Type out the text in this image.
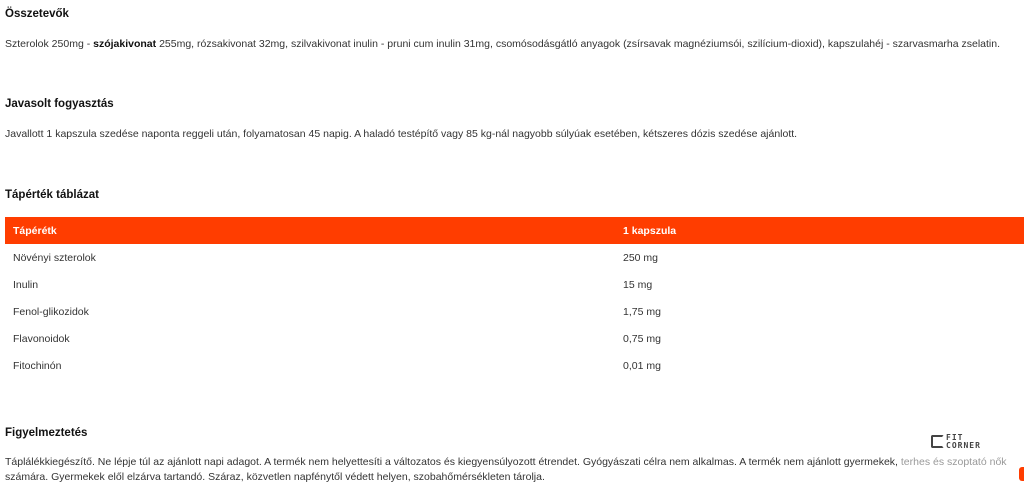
Összetevők
Szterolok 250mg - szójakivonat 255mg, rózsakivonat 32mg, szilvakivonat inulin - pruni cum inulin 31mg, csomósodásgátló anyagok (zsírsavak magnéziumsói, szilícium-dioxid), kapszulahéj - szarvasmarha zselatin.
Javasolt fogyasztás
Javallott 1 kapszula szedése naponta reggeli után, folyamatosan 45 napig. A haladó testépítő vagy 85 kg-nál nagyobb súlyúak esetében, kétszeres dózis szedése ajánlott.
Tápérték táblázat
Tápérétk	1 kapszula
Növényi szterolok	250 mg
Inulin	15 mg
Fenol-glikozidok	1,75 mg
Flavonoidok	0,75 mg
Fitochinón	0,01 mg
Figyelmeztetés
Táplálékkiegészítő. Ne lépje túl az ajánlott napi adagot. A termék nem helyettesíti a változatos és kiegyensúlyozott étrendet. Gyógyászati célra nem alkalmas. A termék nem ajánlott gyermekek, terhes és szoptató nők
számára. Gyermekek elől elzárva tartandó. Száraz, közvetlen napfénytől védett helyen, szobahőmérsékleten tárolja.
FIT
CORNER
